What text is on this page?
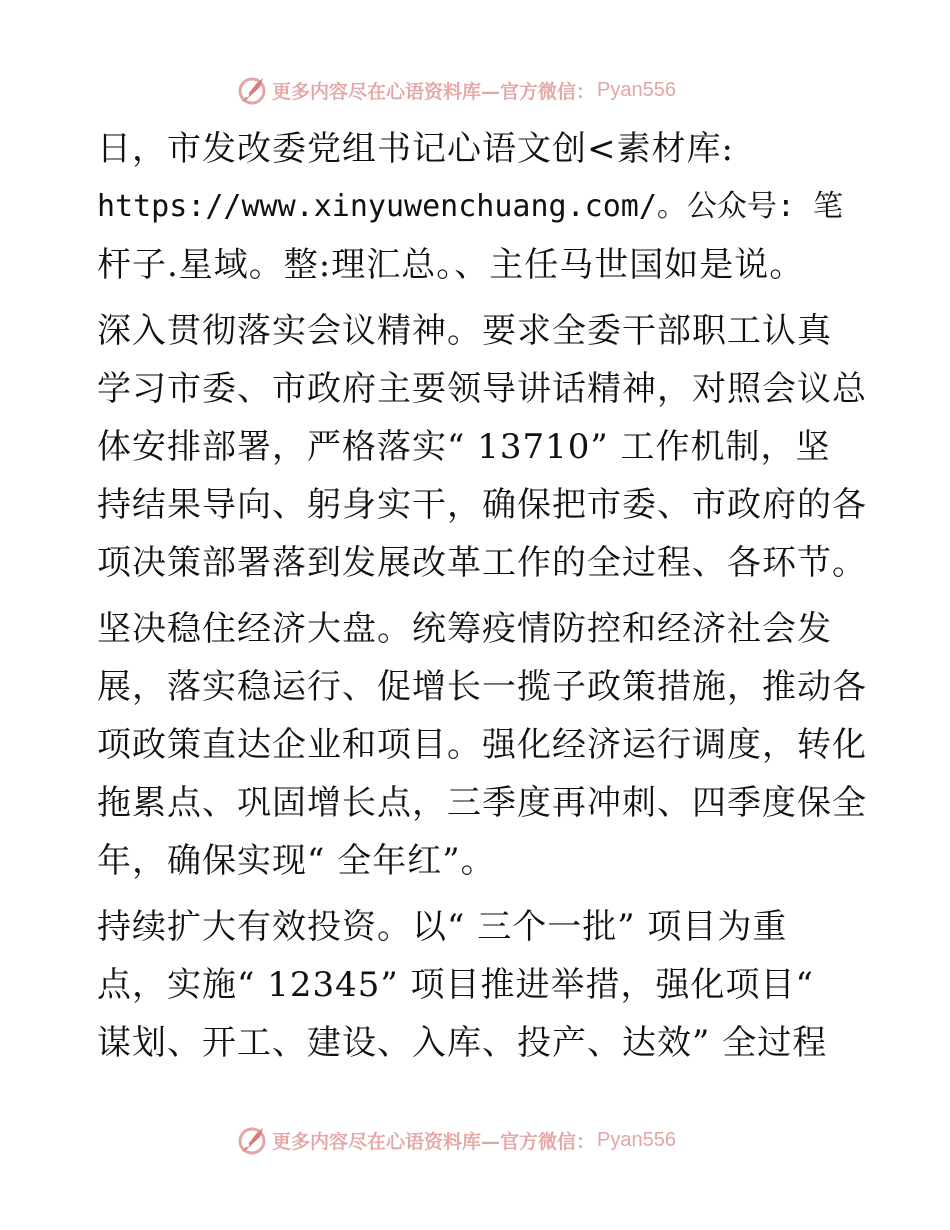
更多内容尽在心语资料库—官方微信： Pyan556
日，市发改委党组书记心语文创<素材库:
https://www.xinyuwenchuang.com/。公众号: 笔
杆子.星域。整:理汇总。、主任马世国如是说。
深入贯彻落实会议精神。要求全委干部职工认真
学习市委、市政府主要领导讲话精神，对照会议总
体安排部署，严格落实“ 13710” 工作机制，坚
持结果导向、躬身实干，确保把市委、市政府的各
项决策部署落到发展改革工作的全过程、各环节。
坚决稳住经济大盘。统筹疫情防控和经济社会发
展，落实稳运行、促增长一揽子政策措施，推动各
项政策直达企业和项目。强化经济运行调度，转化
拖累点、巩固增长点，三季度再冲刺、四季度保全
年，确保实现“ 全年红”。
持续扩大有效投资。以“ 三个一批” 项目为重
点，实施“ 12345” 项目推进举措，强化项目“
谋划、开工、建设、入库、投产、达效” 全过程
更多内容尽在心语资料库—官方微信： Pyan556
